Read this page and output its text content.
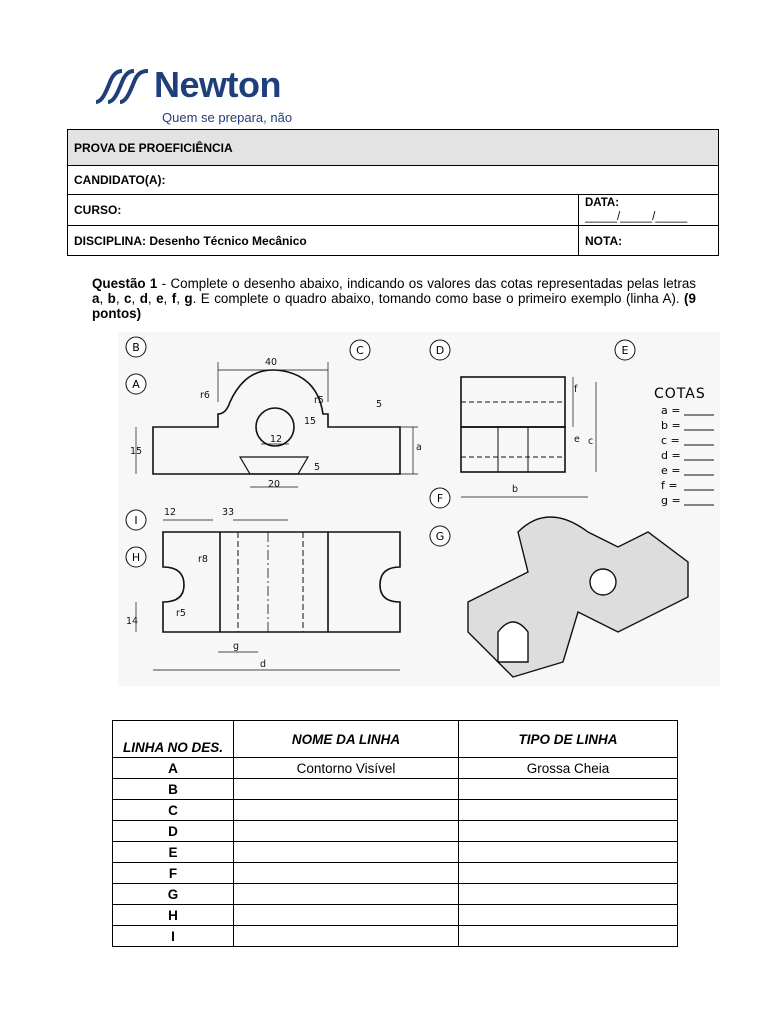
Newton
Quem se prepara, não
PROVA DE PROEFICIÊNCIA	
CANDIDATO(A):	
CURSO:	DATA:
_____/_____/_____

DISCIPLINA: Desenho Técnico Mecânico	NOTA:
Questão 1 - Complete o desenho abaixo, indicando os valores das cotas representadas pelas letras a, b, c, d, e, f, g. E complete o quadro abaixo, tomando como base o primeiro exemplo (linha A). (9 pontos)
B
A
C	D	E
F
G
H
I
40
r6	r5
15
5
12
20
a
15
5
12	33
r8
r5
14
g
d
b
f
e c
COTAS
a =
b =
c =
d =
e =
f =
g =
LINHA NO DES.	NOME DA LINHA	TIPO DE LINHA
A	Contorno Visível	Grossa Cheia
B		
C		
D		
E		
F		
G		
H		
I		
